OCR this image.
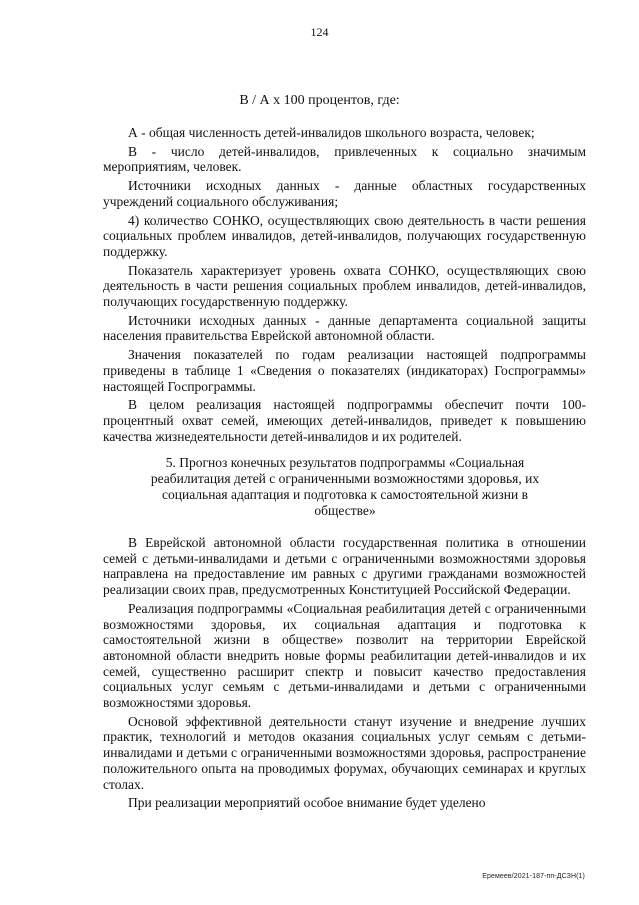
124
В / А х 100 процентов, где:

А - общая численность детей-инвалидов школьного возраста, человек;

В - число детей-инвалидов, привлеченных к социально значимым мероприятиям, человек.

Источники исходных данных - данные областных государственных учреждений социального обслуживания;

4) количество СОНКО, осуществляющих свою деятельность в части решения социальных проблем инвалидов, детей-инвалидов, получающих государственную поддержку.

Показатель характеризует уровень охвата СОНКО, осуществляющих свою деятельность в части решения социальных проблем инвалидов, детей-инвалидов, получающих государственную поддержку.

Источники исходных данных - данные департамента социальной защиты населения правительства Еврейской автономной области.

Значения показателей по годам реализации настоящей подпрограммы приведены в таблице 1 «Сведения о показателях (индикаторах) Госпрограммы» настоящей Госпрограммы.

В целом реализация настоящей подпрограммы обеспечит почти 100-процентный охват семей, имеющих детей-инвалидов, приведет к повышению качества жизнедеятельности детей-инвалидов и их родителей.

5. Прогноз конечных результатов подпрограммы «Социальная реабилитация детей с ограниченными возможностями здоровья, их социальная адаптация и подготовка к самостоятельной жизни в обществе»

В Еврейской автономной области государственная политика в отношении семей с детьми-инвалидами и детьми с ограниченными возможностями здоровья направлена на предоставление им равных с другими гражданами возможностей реализации своих прав, предусмотренных Конституцией Российской Федерации.

Реализация подпрограммы «Социальная реабилитация детей с ограниченными возможностями здоровья, их социальная адаптация и подготовка к самостоятельной жизни в обществе» позволит на территории Еврейской автономной области внедрить новые формы реабилитации детей-инвалидов и их семей, существенно расширит спектр и повысит качество предоставления социальных услуг семьям с детьми-инвалидами и детьми с ограниченными возможностями здоровья.

Основой эффективной деятельности станут изучение и внедрение лучших практик, технологий и методов оказания социальных услуг семьям с детьми-инвалидами и детьми с ограниченными возможностями здоровья, распространение положительного опыта на проводимых форумах, обучающих семинарах и круглых столах.

При реализации мероприятий особое внимание будет уделено

Еремеев/2021-187-пп-ДСЗН(1)
